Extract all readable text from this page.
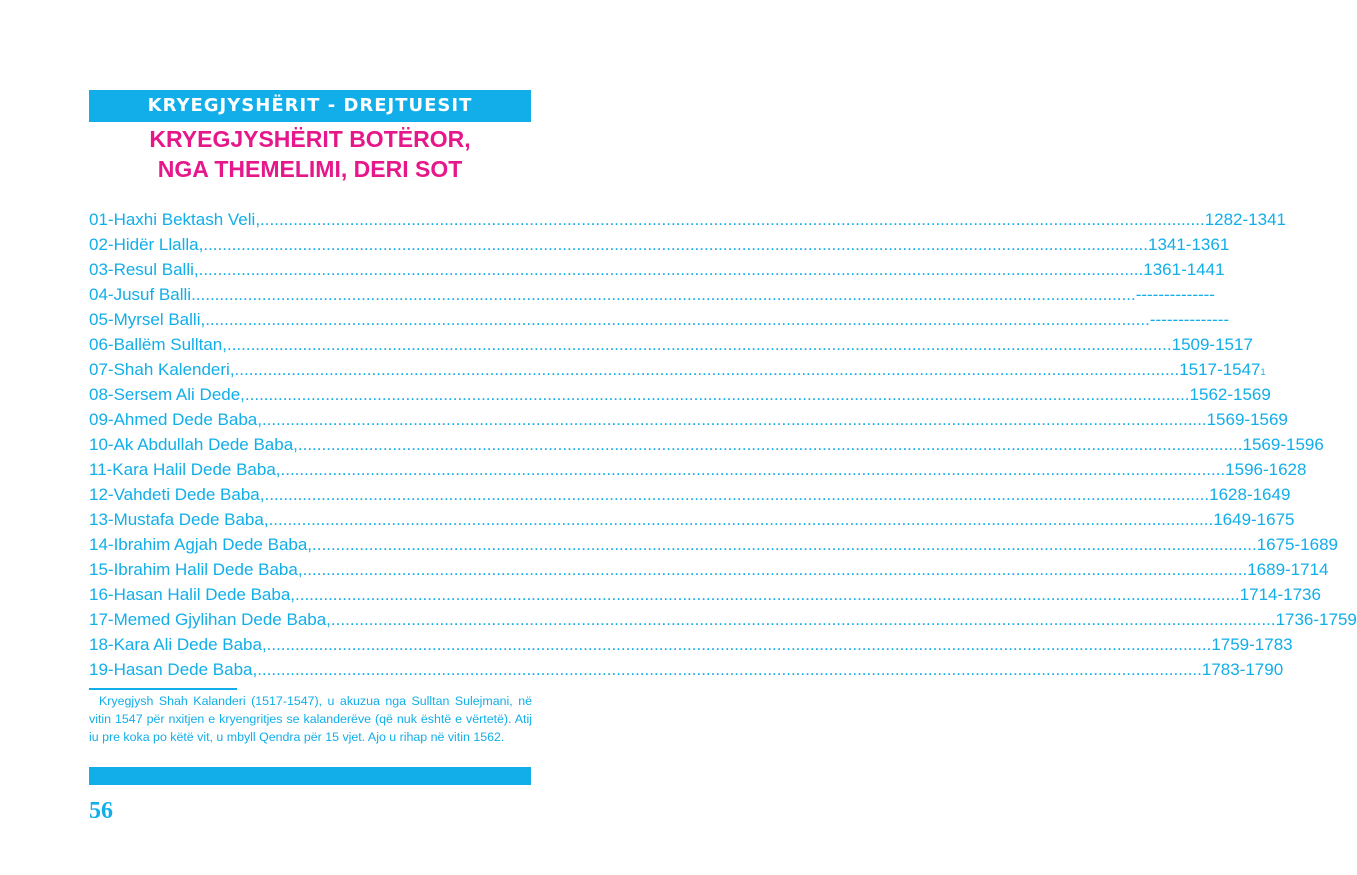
KRYEGJYSHËRIT - DREJTUESIT
KRYEGJYSHËRIT BOTËROR,
NGA THEMELIMI, DERI SOT
01-Haxhi Bektash Veli, ........................................................................................................................................................................................................ 1282-1341
02-Hidër Llalla, ........................................................................................................................................................................................................ 1341-1361
03-Resul Balli, ........................................................................................................................................................................................................ 1361-1441
04-Jusuf Balli ........................................................................................................................................................................................................ --------------
05-Myrsel Balli, ........................................................................................................................................................................................................ --------------
06-Ballëm Sulltan, ........................................................................................................................................................................................................ 1509-1517
07-Shah Kalenderi, ........................................................................................................................................................................................................ 1517-1547 1
08-Sersem Ali Dede, ........................................................................................................................................................................................................ 1562-1569
09-Ahmed Dede Baba, ........................................................................................................................................................................................................ 1569-1569
10-Ak Abdullah Dede Baba, ........................................................................................................................................................................................................ 1569-1596
11-Kara Halil Dede Baba, ........................................................................................................................................................................................................ 1596-1628
12-Vahdeti Dede Baba, ........................................................................................................................................................................................................ 1628-1649
13-Mustafa Dede Baba, ........................................................................................................................................................................................................ 1649-1675
14-Ibrahim Agjah Dede Baba, ........................................................................................................................................................................................................ 1675-1689
15-Ibrahim Halil Dede Baba, ........................................................................................................................................................................................................ 1689-1714
16-Hasan Halil Dede Baba, ........................................................................................................................................................................................................ 1714-1736
17-Memed Gjylihan Dede Baba, ........................................................................................................................................................................................................ 1736-1759
18-Kara Ali Dede Baba, ........................................................................................................................................................................................................ 1759-1783
19-Hasan Dede Baba, ........................................................................................................................................................................................................ 1783-1790
Kryegjysh Shah Kalanderi (1517-1547), u akuzua nga Sulltan Sulejmani, në vitin 1547 për nxitjen e kryengritjes se kalanderëve (që nuk është e vërtetë). Atij iu pre koka po këtë vit, u mbyll Qendra për 15 vjet. Ajo u rihap në vitin 1562.
56
